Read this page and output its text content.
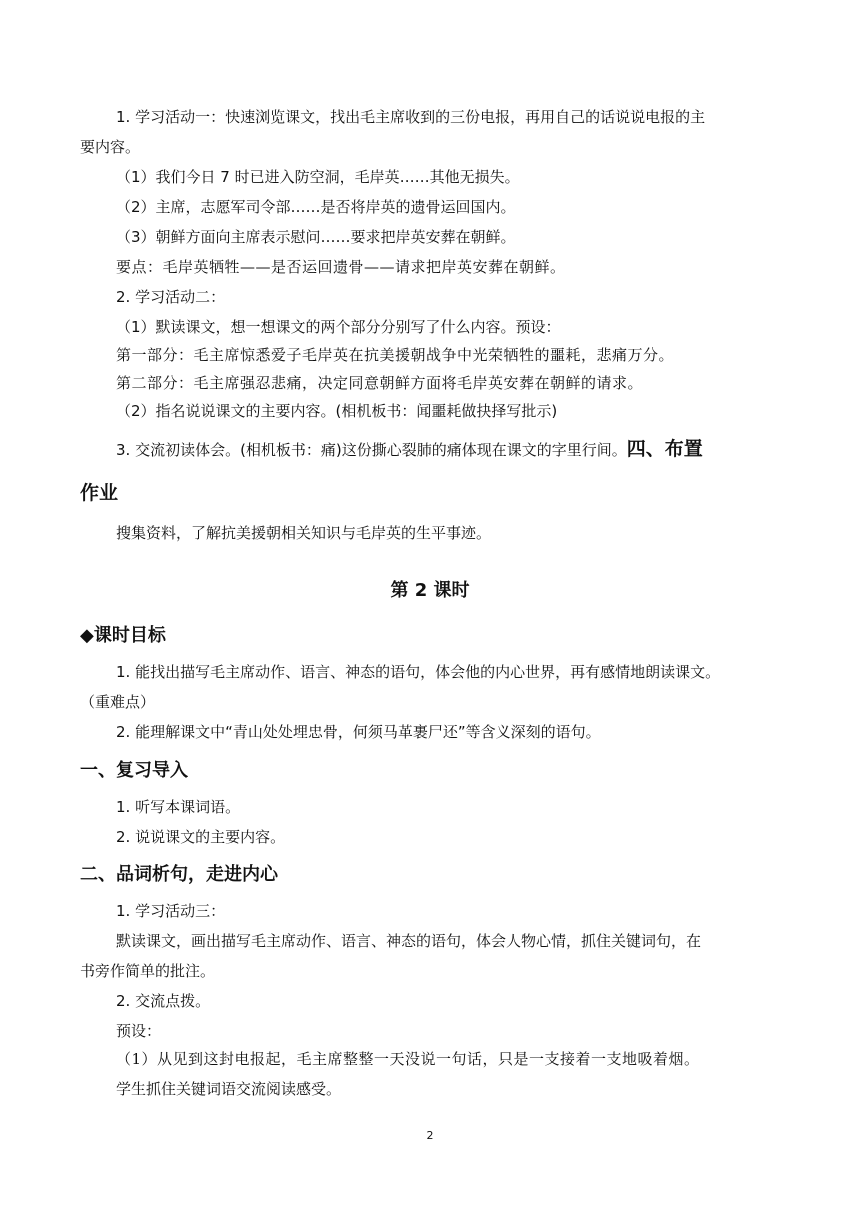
1. 学习活动一：快速浏览课文，找出毛主席收到的三份电报，再用自己的话说说电报的主
要内容。
（1）我们今日 7 时已进入防空洞，毛岸英……其他无损失。
（2）主席，志愿军司令部……是否将岸英的遗骨运回国内。
（3）朝鲜方面向主席表示慰问……要求把岸英安葬在朝鲜。
要点：毛岸英牺牲——是否运回遗骨——请求把岸英安葬在朝鲜。
2. 学习活动二：
（1）默读课文，想一想课文的两个部分分别写了什么内容。预设：
第一部分：毛主席惊悉爱子毛岸英在抗美援朝战争中光荣牺牲的噩耗，悲痛万分。
第二部分：毛主席强忍悲痛，决定同意朝鲜方面将毛岸英安葬在朝鲜的请求。
（2）指名说说课文的主要内容。(相机板书：闻噩耗做抉择写批示)
3. 交流初读体会。(相机板书：痛)这份撕心裂肺的痛体现在课文的字里行间。四、布置
作业
搜集资料，了解抗美援朝相关知识与毛岸英的生平事迹。
第 2 课时
◆课时目标
1. 能找出描写毛主席动作、语言、神态的语句，体会他的内心世界，再有感情地朗读课文。
（重难点）
2. 能理解课文中“青山处处埋忠骨，何须马革裹尸还”等含义深刻的语句。
一、复习导入
1. 听写本课词语。
2. 说说课文的主要内容。
二、品词析句，走进内心
1. 学习活动三：
默读课文，画出描写毛主席动作、语言、神态的语句，体会人物心情，抓住关键词句，在
书旁作简单的批注。
2. 交流点拨。
预设：
（1）从见到这封电报起，毛主席整整一天没说一句话，只是一支接着一支地吸着烟。
学生抓住关键词语交流阅读感受。
2
